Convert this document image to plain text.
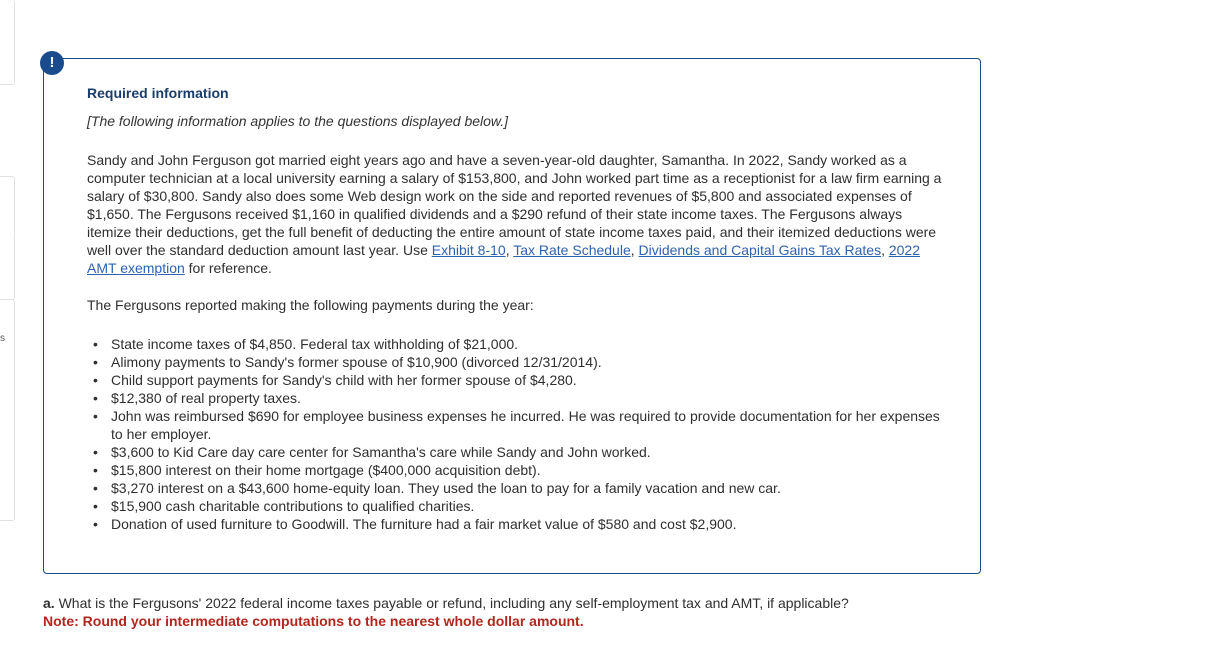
s
!
Required information
[The following information applies to the questions displayed below.]
Sandy and John Ferguson got married eight years ago and have a seven-year-old daughter, Samantha. In 2022, Sandy worked as a computer technician at a local university earning a salary of $153,800, and John worked part time as a receptionist for a law firm earning a salary of $30,800. Sandy also does some Web design work on the side and reported revenues of $5,800 and associated expenses of $1,650. The Fergusons received $1,160 in qualified dividends and a $290 refund of their state income taxes. The Fergusons always itemize their deductions, get the full benefit of deducting the entire amount of state income taxes paid, and their itemized deductions were well over the standard deduction amount last year. Use Exhibit 8-10, Tax Rate Schedule, Dividends and Capital Gains Tax Rates, 2022 AMT exemption for reference.
The Fergusons reported making the following payments during the year:
• State income taxes of $4,850. Federal tax withholding of $21,000.
• Alimony payments to Sandy's former spouse of $10,900 (divorced 12/31/2014).
• Child support payments for Sandy's child with her former spouse of $4,280.
• $12,380 of real property taxes.
• John was reimbursed $690 for employee business expenses he incurred. He was required to provide documentation for her expenses to her employer.
• $3,600 to Kid Care day care center for Samantha's care while Sandy and John worked.
• $15,800 interest on their home mortgage ($400,000 acquisition debt).
• $3,270 interest on a $43,600 home-equity loan. They used the loan to pay for a family vacation and new car.
• $15,900 cash charitable contributions to qualified charities.
• Donation of used furniture to Goodwill. The furniture had a fair market value of $580 and cost $2,900.
a. What is the Fergusons' 2022 federal income taxes payable or refund, including any self-employment tax and AMT, if applicable?
Note: Round your intermediate computations to the nearest whole dollar amount.
